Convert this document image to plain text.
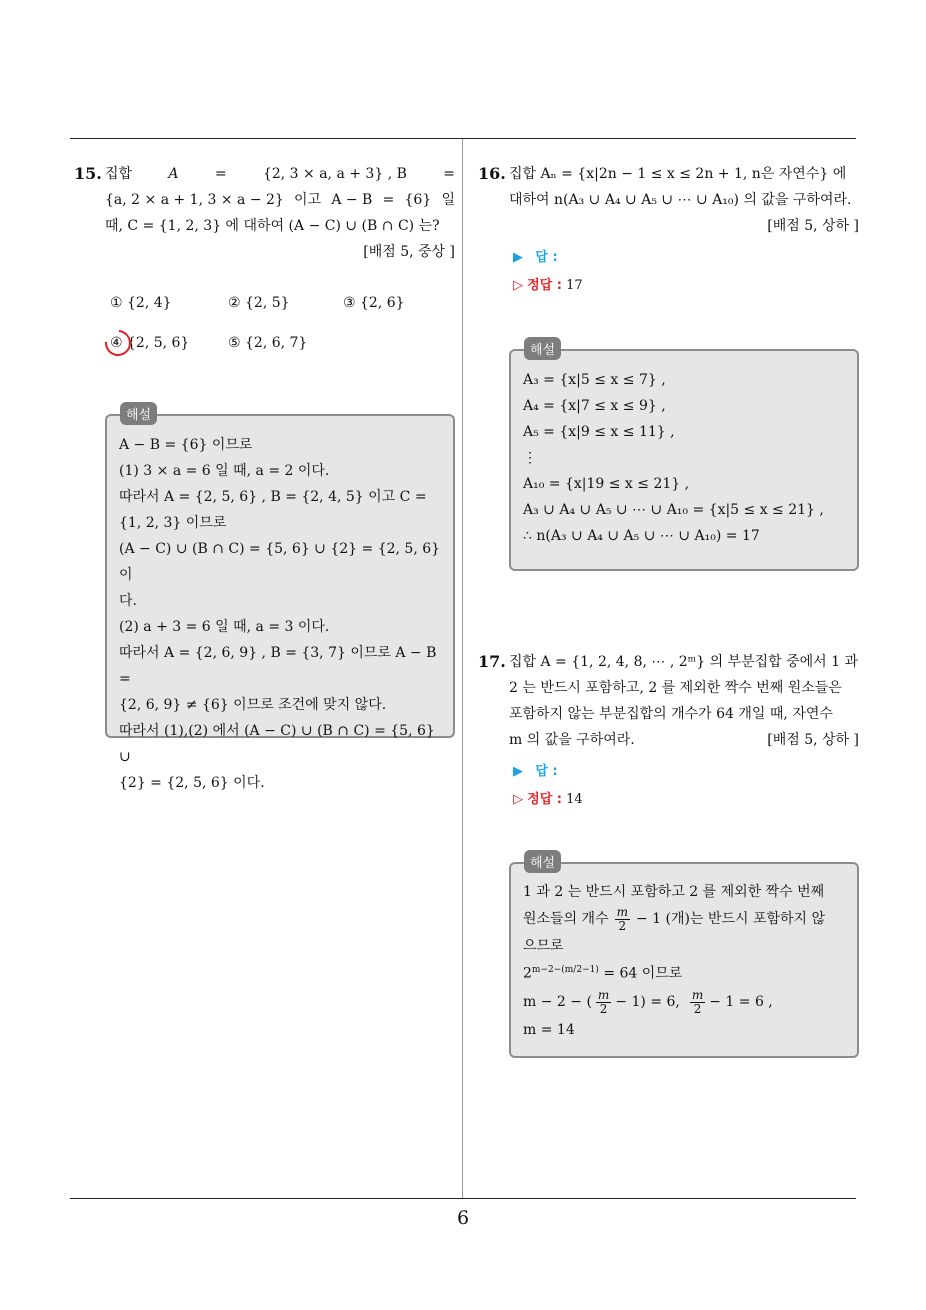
6
15. 집합	A	=	{2, 3 × a, a + 3} , B	=
{a, 2 × a + 1, 3 × a − 2} 이고 A − B = {6} 일
때, C = {1, 2, 3} 에 대하여 (A − C) ∪ (B ∩ C) 는?
[배점 5, 중상 ]
① {2, 4}	② {2, 5}	③ {2, 6}
④ {2, 5, 6}	⑤ {2, 6, 7}
A − B = {6} 이므로
(1) 3 × a = 6 일 때, a = 2 이다.
따라서 A = {2, 5, 6} , B = {2, 4, 5} 이고 C =
{1, 2, 3} 이므로
(A − C) ∪ (B ∩ C) = {5, 6} ∪ {2} = {2, 5, 6} 이
다.
(2) a + 3 = 6 일 때, a = 3 이다.
따라서 A = {2, 6, 9} , B = {3, 7} 이므로 A − B =
{2, 6, 9} ≠ {6} 이므로 조건에 맞지 않다.
따라서 (1),(2) 에서 (A − C) ∪ (B ∩ C) = {5, 6} ∪
{2} = {2, 5, 6} 이다.
해설
16. 집합 Aₙ = {x|2n − 1 ≤ x ≤ 2n + 1, n은 자연수} 에
대하여 n(A₃ ∪ A₄ ∪ A₅ ∪ ⋯ ∪ A₁₀) 의 값을 구하여라.
[배점 5, 상하 ]
▶ 답 :
▷ 정답 : 17
A₃ = {x|5 ≤ x ≤ 7} ,
A₄ = {x|7 ≤ x ≤ 9} ,
A₅ = {x|9 ≤ x ≤ 11} ,
⋮
A₁₀ = {x|19 ≤ x ≤ 21} ,
A₃ ∪ A₄ ∪ A₅ ∪ ⋯ ∪ A₁₀ = {x|5 ≤ x ≤ 21} ,
∴ n(A₃ ∪ A₄ ∪ A₅ ∪ ⋯ ∪ A₁₀) = 17
해설
17. 집합 A = {1, 2, 4, 8, ⋯ , 2ᵐ} 의 부분집합 중에서 1 과
2 는 반드시 포함하고, 2 를 제외한 짝수 번째 원소들은
포함하지 않는 부분집합의 개수가 64 개일 때, 자연수
m 의 값을 구하여라.	[배점 5, 상하 ]
▶ 답 :
▷ 정답 : 14
1 과 2 는 반드시 포함하고 2 를 제외한 짝수 번째
원소들의 개수 $\frac{m}{2} - 1$ (개)는 반드시 포함하지 않
으므로
$2^{m-2-(m/2-1)} = 64$ 이므로
m − 2 − ( $\frac{m}{2} - 1) = 6$, $\frac{m}{2} - 1 = 6$ ,
m = 14
해설
